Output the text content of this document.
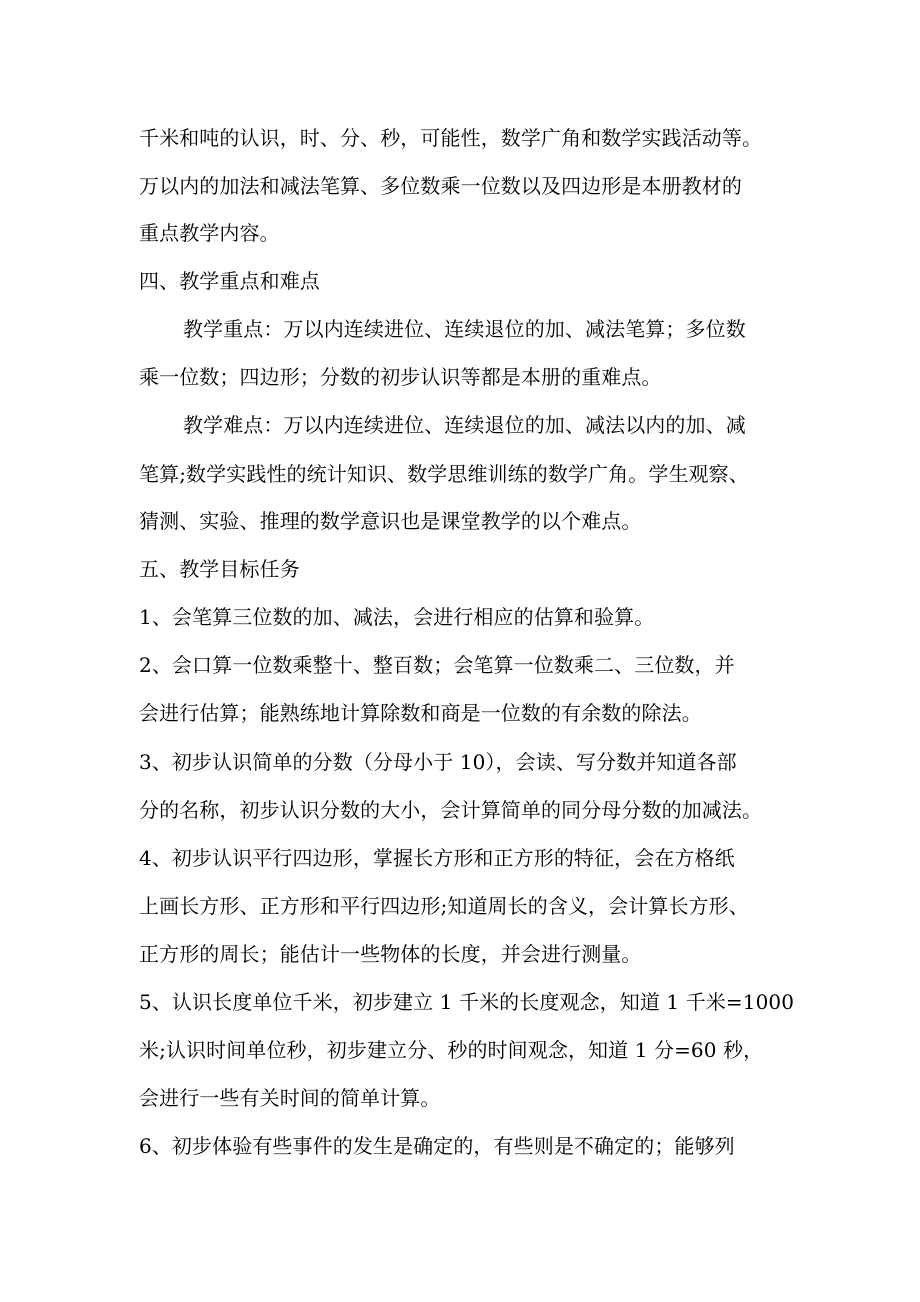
千米和吨的认识，时、分、秒，可能性，数学广角和数学实践活动等。
万以内的加法和减法笔算、多位数乘一位数以及四边形是本册教材的
重点教学内容。
四、教学重点和难点
教学重点：万以内连续进位、连续退位的加、减法笔算；多位数
乘一位数；四边形；分数的初步认识等都是本册的重难点。
教学难点：万以内连续进位、连续退位的加、减法以内的加、减
笔算;数学实践性的统计知识、数学思维训练的数学广角。学生观察、
猜测、实验、推理的数学意识也是课堂教学的以个难点。
五、教学目标任务
1、会笔算三位数的加、减法，会进行相应的估算和验算。
2、会口算一位数乘整十、整百数；会笔算一位数乘二、三位数，并
会进行估算；能熟练地计算除数和商是一位数的有余数的除法。
3、初步认识简单的分数（分母小于 10），会读、写分数并知道各部
分的名称，初步认识分数的大小，会计算简单的同分母分数的加减法。
4、初步认识平行四边形，掌握长方形和正方形的特征，会在方格纸
上画长方形、正方形和平行四边形;知道周长的含义，会计算长方形、
正方形的周长；能估计一些物体的长度，并会进行测量。
5、认识长度单位千米，初步建立 1 千米的长度观念，知道 1 千米=1000
米;认识时间单位秒，初步建立分、秒的时间观念，知道 1 分=60 秒，
会进行一些有关时间的简单计算。
6、初步体验有些事件的发生是确定的，有些则是不确定的；能够列
